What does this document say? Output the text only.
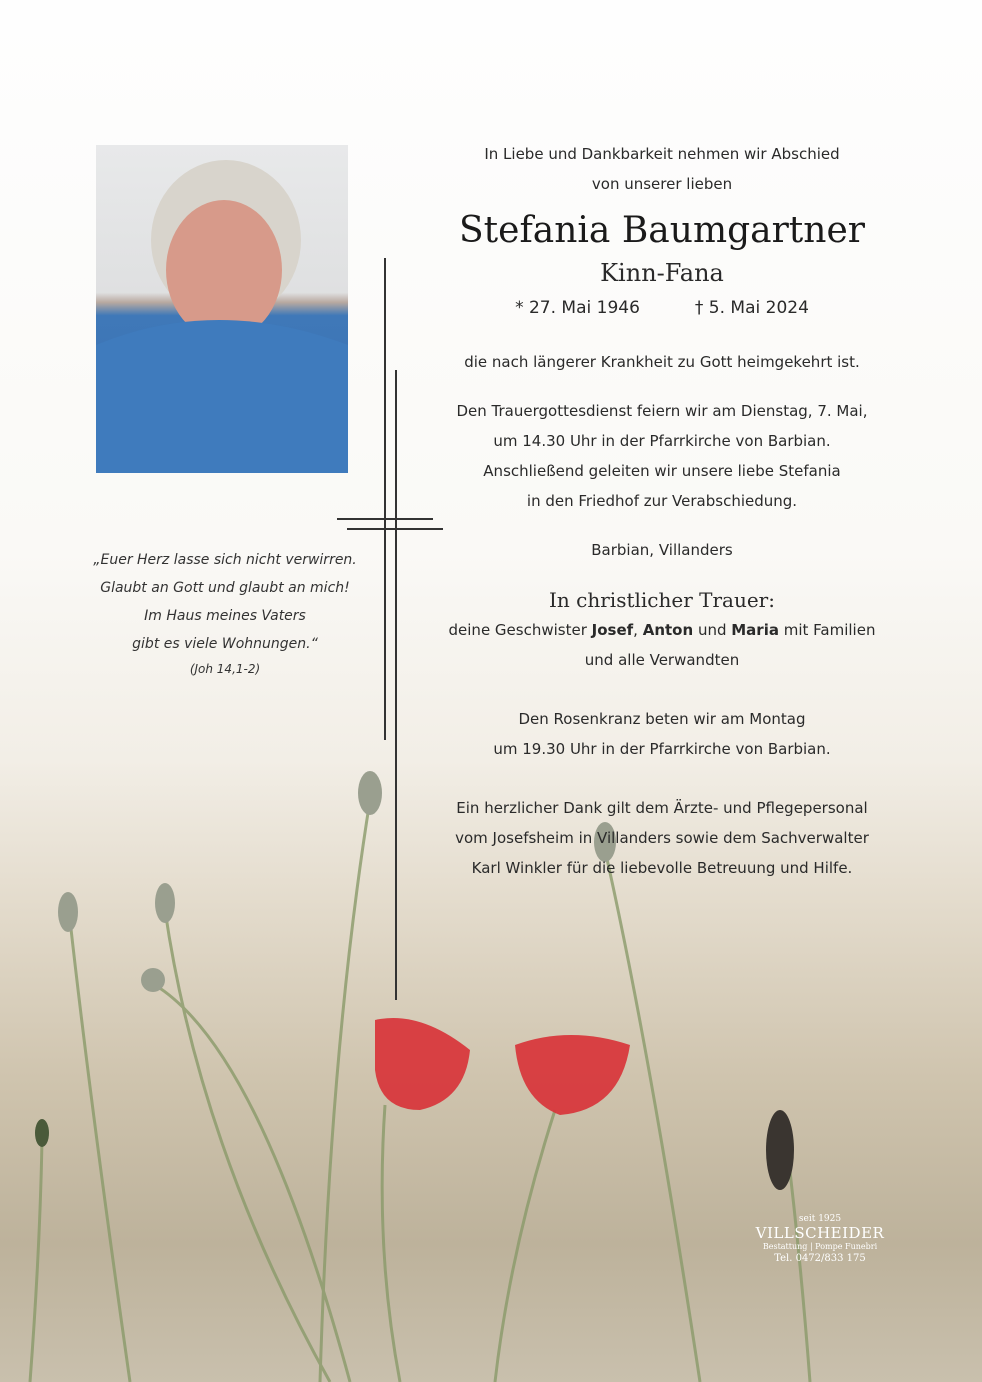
„Euer Herz lasse sich nicht verwirren.
Glaubt an Gott und glaubt an mich!
Im Haus meines Vaters
gibt es viele Wohnungen.“
(Joh 14,1-2)
In Liebe und Dankbarkeit nehmen wir Abschied
von unserer lieben
Stefania Baumgartner
Kinn-Fana
* 27. Mai 1946	† 5. Mai 2024
die nach längerer Krankheit zu Gott heimgekehrt ist.
Den Trauergottesdienst feiern wir am Dienstag, 7. Mai,
um 14.30 Uhr in der Pfarrkirche von Barbian.
Anschließend geleiten wir unsere liebe Stefania
in den Friedhof zur Verabschiedung.
Barbian, Villanders
In christlicher Trauer:
deine Geschwister Josef, Anton und Maria mit Familien
und alle Verwandten
Den Rosenkranz beten wir am Montag
um 19.30 Uhr in der Pfarrkirche von Barbian.
Ein herzlicher Dank gilt dem Ärzte- und Pflegepersonal
vom Josefsheim in Villanders sowie dem Sachverwalter
Karl Winkler für die liebevolle Betreuung und Hilfe.
seit 1925
VILLSCHEIDER
Bestattung | Pompe Funebri
Tel. 0472/833 175
